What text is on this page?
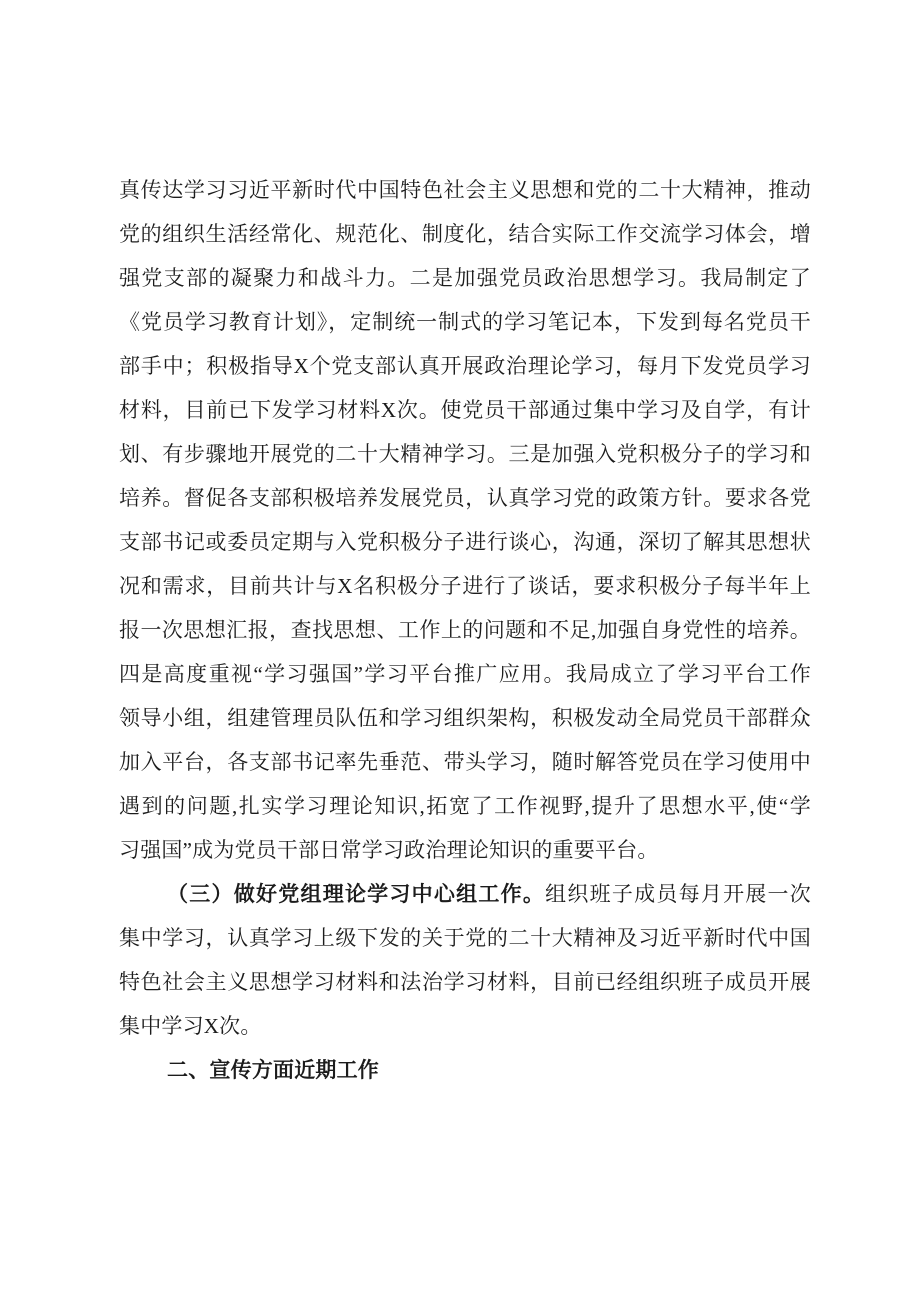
真传达学习习近平新时代中国特色社会主义思想和党的二十大精神，推动
党的组织生活经常化、规范化、制度化，结合实际工作交流学习体会，增
强党支部的凝聚力和战斗力。二是加强党员政治思想学习。我局制定了
《党员学习教育计划》，定制统一制式的学习笔记本，下发到每名党员干
部手中；积极指导X个党支部认真开展政治理论学习，每月下发党员学习
材料，目前已下发学习材料X次。使党员干部通过集中学习及自学，有计
划、有步骤地开展党的二十大精神学习。三是加强入党积极分子的学习和
培养。督促各支部积极培养发展党员，认真学习党的政策方针。要求各党
支部书记或委员定期与入党积极分子进行谈心，沟通，深切了解其思想状
况和需求，目前共计与X名积极分子进行了谈话，要求积极分子每半年上
报一次思想汇报，查找思想、工作上的问题和不足,加强自身党性的培养。
四是高度重视“学习强国”学习平台推广应用。我局成立了学习平台工作
领导小组，组建管理员队伍和学习组织架构，积极发动全局党员干部群众
加入平台，各支部书记率先垂范、带头学习，随时解答党员在学习使用中
遇到的问题,扎实学习理论知识,拓宽了工作视野,提升了思想水平,使“学
习强国”成为党员干部日常学习政治理论知识的重要平台。
（三）做好党组理论学习中心组工作。组织班子成员每月开展一次
集中学习，认真学习上级下发的关于党的二十大精神及习近平新时代中国
特色社会主义思想学习材料和法治学习材料，目前已经组织班子成员开展
集中学习X次。
二、宣传方面近期工作
